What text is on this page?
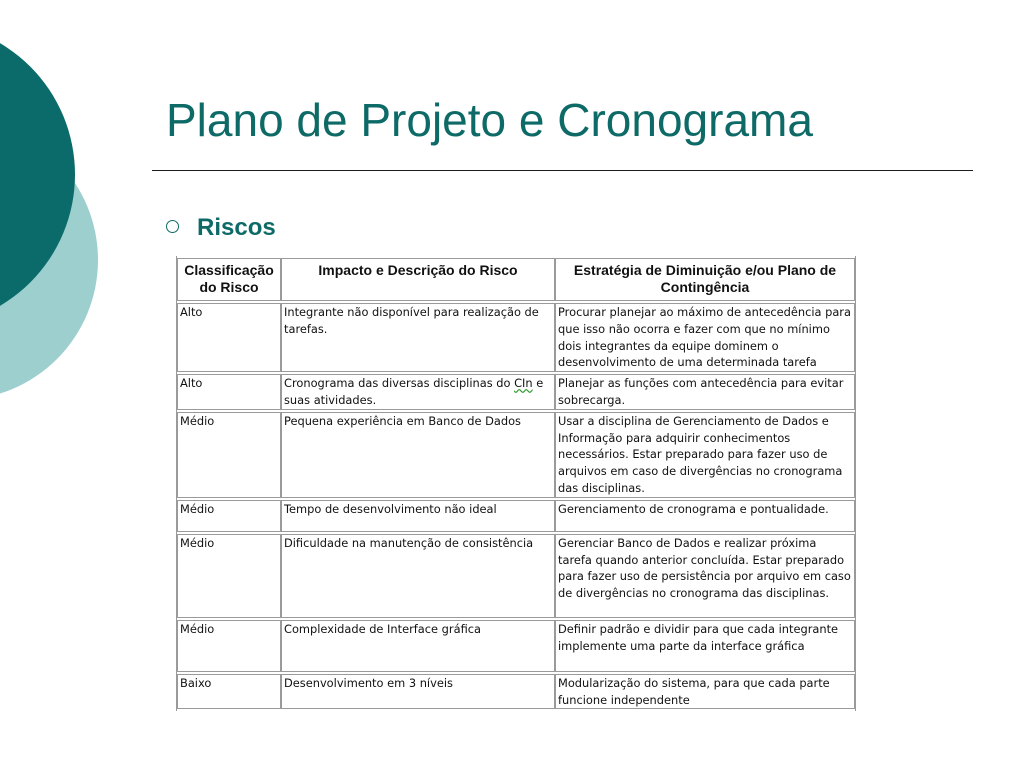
Plano de Projeto e Cronograma
Riscos
Classificação do Risco	Impacto e Descrição do Risco	Estratégia de Diminuição e/ou Plano de Contingência
Alto	Integrante não disponível para realização de tarefas.	Procurar planejar ao máximo de antecedência para que isso não ocorra e fazer com que no mínimo dois integrantes da equipe dominem o desenvolvimento de uma determinada tarefa
Alto	Cronograma das diversas disciplinas do CIn e suas atividades.	Planejar as funções com antecedência para evitar sobrecarga.
Médio	Pequena experiência em Banco de Dados	Usar a disciplina de Gerenciamento de Dados e Informação para adquirir conhecimentos necessários. Estar preparado para fazer uso de arquivos em caso de divergências no cronograma das disciplinas.
Médio	Tempo de desenvolvimento não ideal	Gerenciamento de cronograma e pontualidade.
Médio	Dificuldade na manutenção de consistência	Gerenciar Banco de Dados e realizar próxima tarefa quando anterior concluída. Estar preparado para fazer uso de persistência por arquivo em caso de divergências no cronograma das disciplinas.
Médio	Complexidade de Interface gráfica	Definir padrão e dividir para que cada integrante implemente uma parte da interface gráfica
Baixo	Desenvolvimento em 3 níveis	Modularização do sistema, para que cada parte funcione independente
